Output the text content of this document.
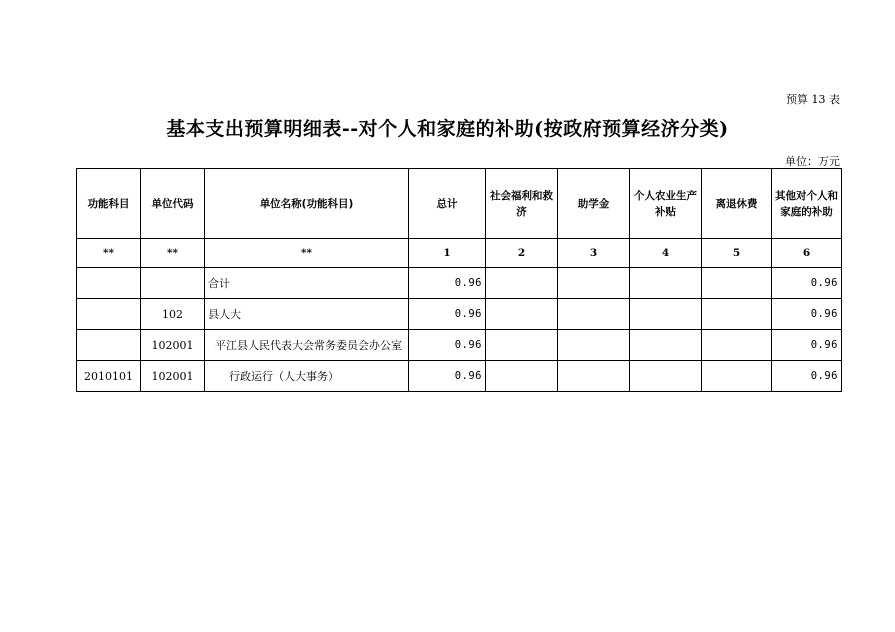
预算 13 表
基本支出预算明细表--对个人和家庭的补助(按政府预算经济分类)
单位：万元
功能科目	单位代码	单位名称(功能科目)	总计	社会福利和救济	助学金	个人农业生产补贴	离退休费	其他对个人和家庭的补助
**	**	**	1	2	3	4	5	6
		合计	0.96					0.96
	102	县人大	0.96					0.96
	102001	平江县人民代表大会常务委员会办公室	0.96					0.96
2010101	102001	行政运行（人大事务）	0.96					0.96
